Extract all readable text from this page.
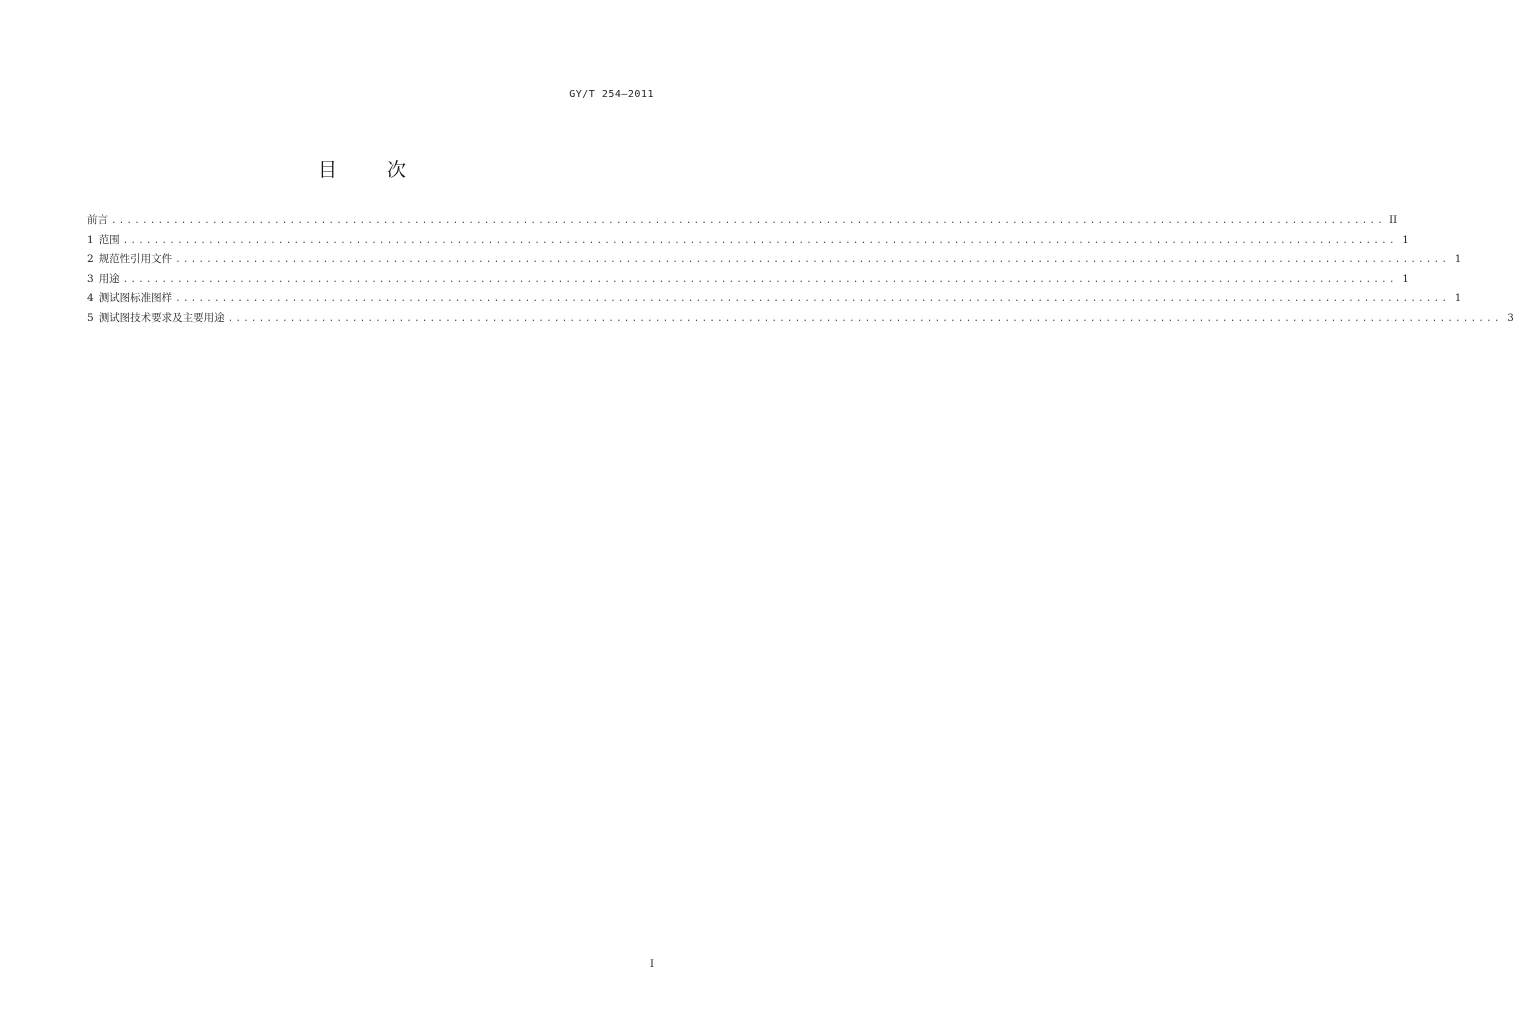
GY/T 254—2011
目 次
前言 .................................................................................................................................................................... II
1 范围 .................................................................................................................................................................... 1
2 规范性引用文件 .................................................................................................................................................................... 1
3 用途 .................................................................................................................................................................... 1
4 测试图标准图样 .................................................................................................................................................................... 1
5 测试图技术要求及主要用途 .................................................................................................................................................................... 3
I
